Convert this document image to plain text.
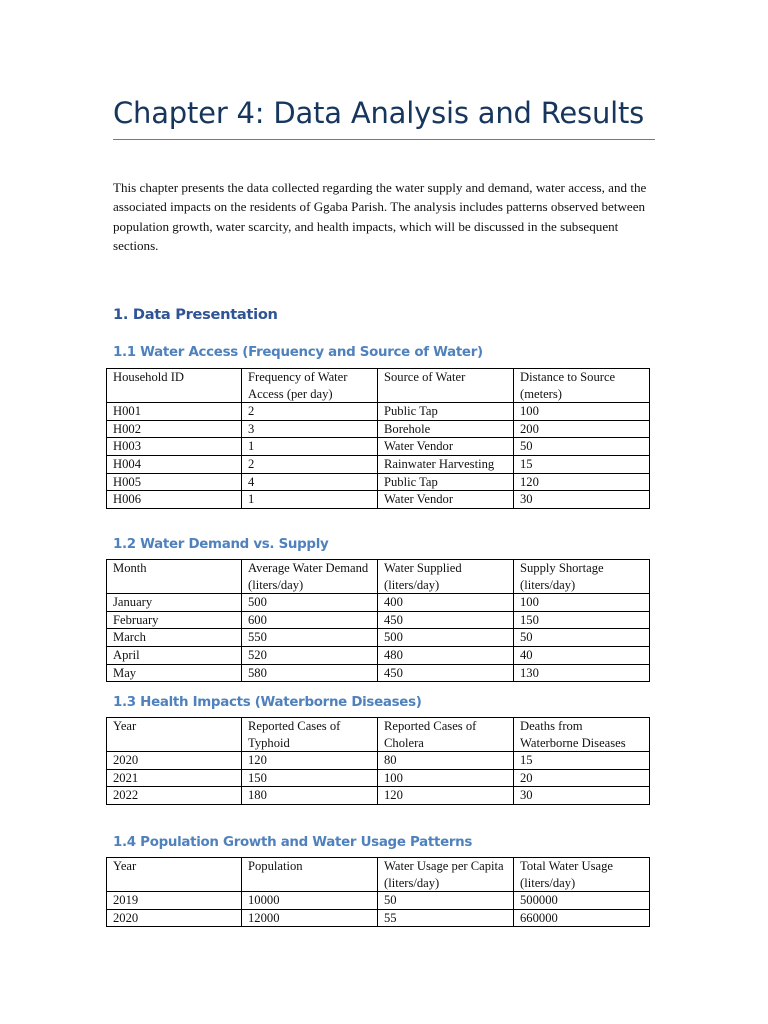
Chapter 4: Data Analysis and Results
This chapter presents the data collected regarding the water supply and demand, water access, and the associated impacts on the residents of Ggaba Parish. The analysis includes patterns observed between population growth, water scarcity, and health impacts, which will be discussed in the subsequent sections.
1. Data Presentation
1.1 Water Access (Frequency and Source of Water)
Household ID	Frequency of Water Access (per day)	Source of Water	Distance to Source (meters)
H001	2	Public Tap	100
H002	3	Borehole	200
H003	1	Water Vendor	50
H004	2	Rainwater Harvesting	15
H005	4	Public Tap	120
H006	1	Water Vendor	30
1.2 Water Demand vs. Supply
Month	Average Water Demand (liters/day)	Water Supplied (liters/day)	Supply Shortage (liters/day)
January	500	400	100
February	600	450	150
March	550	500	50
April	520	480	40
May	580	450	130
1.3 Health Impacts (Waterborne Diseases)
Year	Reported Cases of Typhoid	Reported Cases of Cholera	Deaths from Waterborne Diseases
2020	120	80	15
2021	150	100	20
2022	180	120	30
1.4 Population Growth and Water Usage Patterns
Year	Population	Water Usage per Capita (liters/day)	Total Water Usage (liters/day)
2019	10000	50	500000
2020	12000	55	660000
